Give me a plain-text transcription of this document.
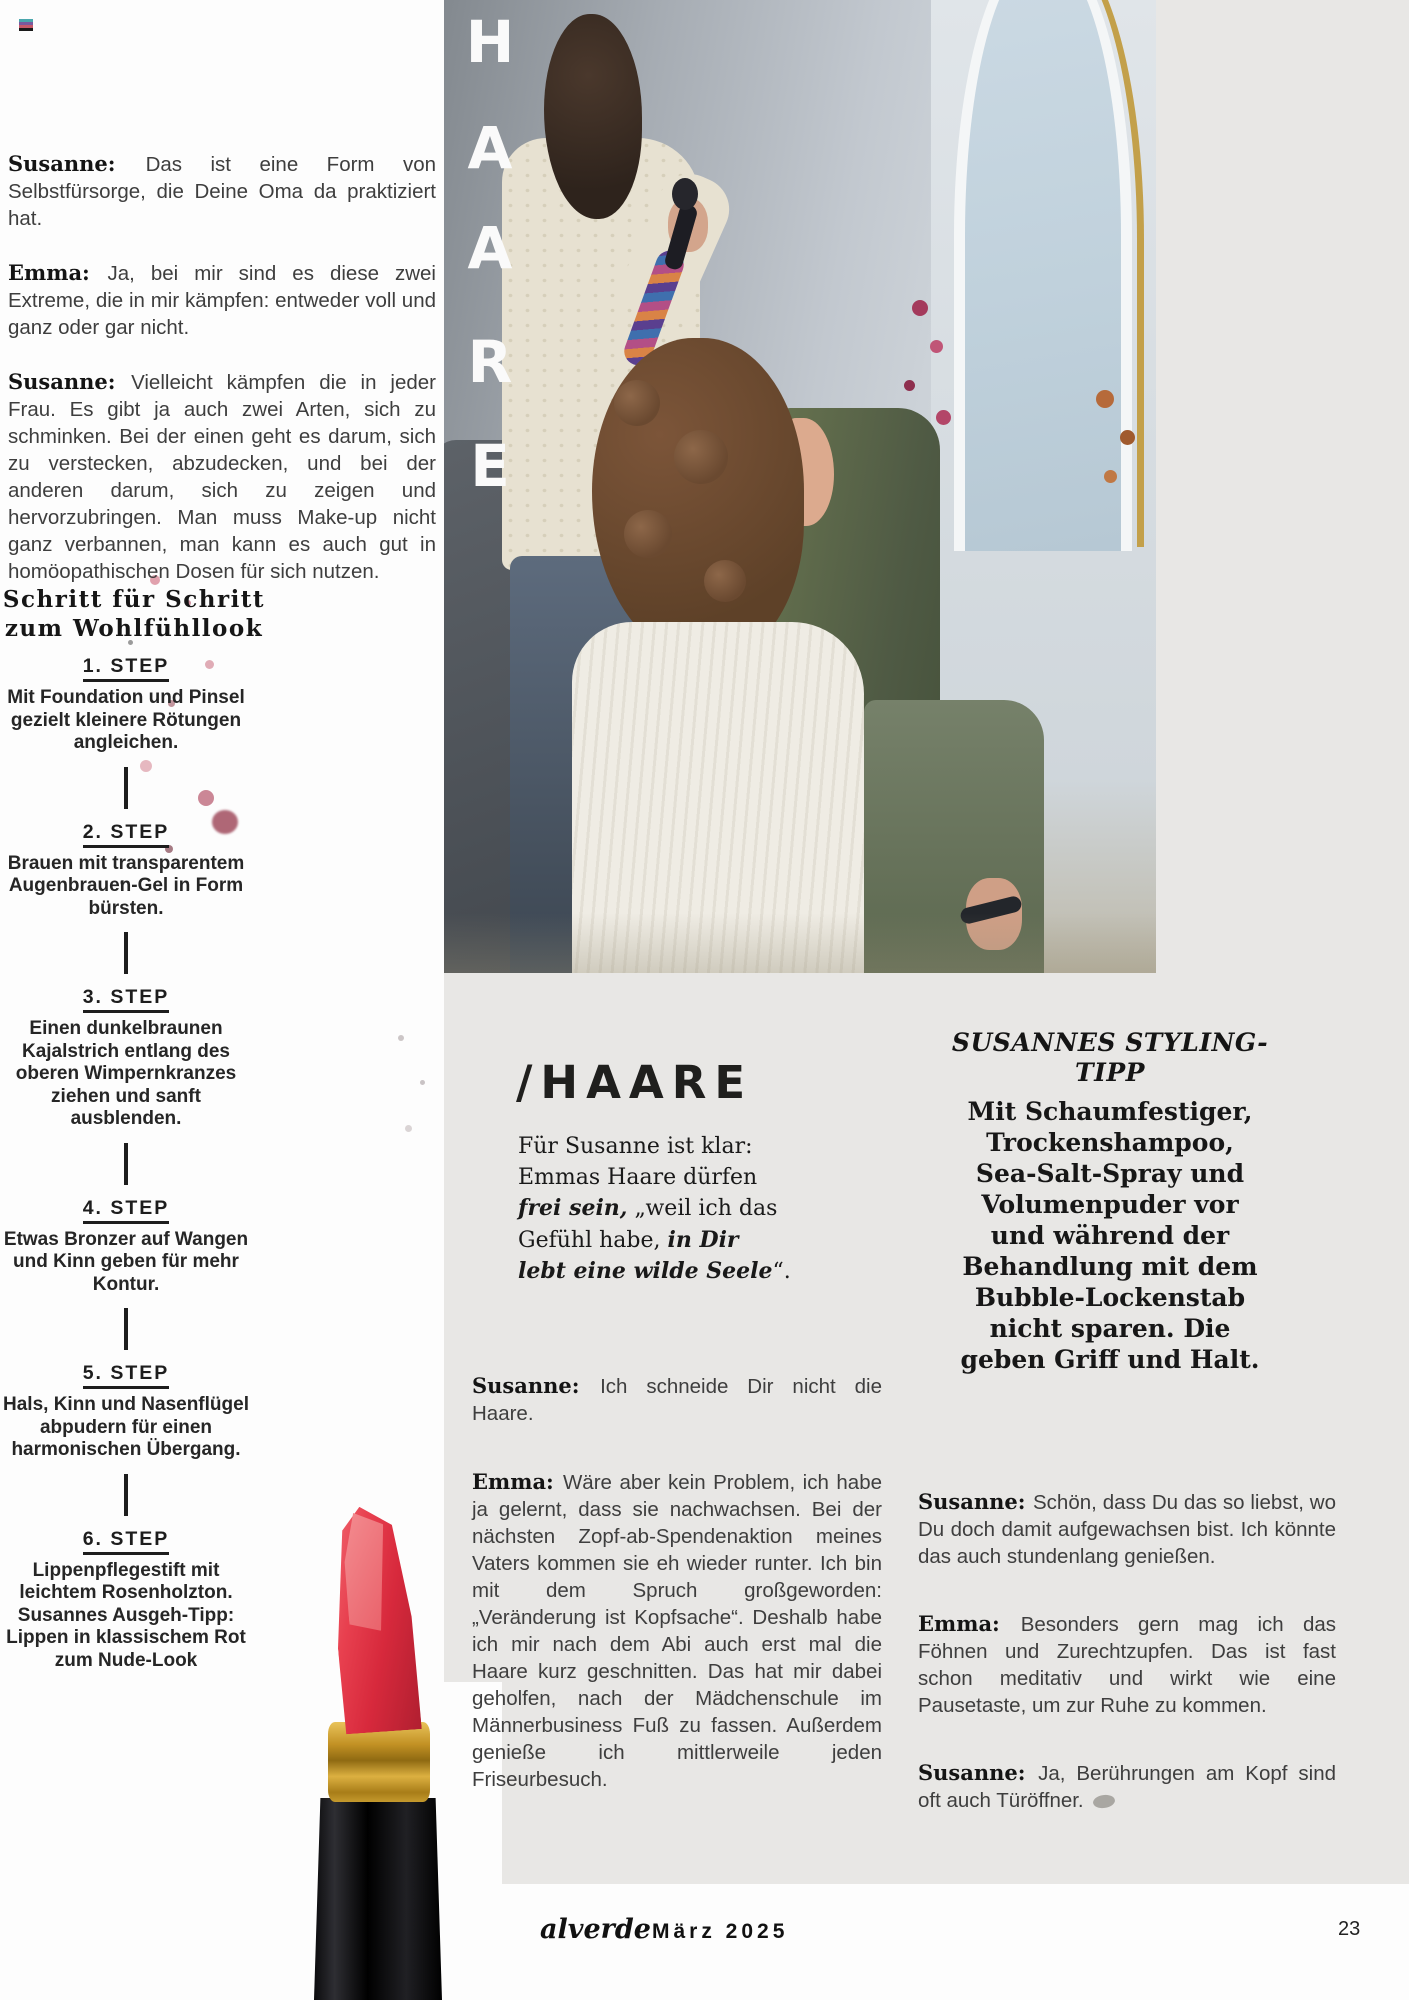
H
A
A
R
E

Susanne: Das ist eine Form von Selbstfürsorge, die Deine Oma da praktiziert hat.

Emma: Ja, bei mir sind es diese zwei Extreme, die in mir kämpfen: entweder voll und ganz oder gar nicht.

Susanne: Vielleicht kämpfen die in jeder Frau. Es gibt ja auch zwei Arten, sich zu schminken. Bei der einen geht es darum, sich zu verstecken, abzudecken, und bei der anderen darum, sich zu zeigen und hervorzubringen. Man muss Make-up nicht ganz verbannen, man kann es auch gut in homöopathischen Dosen für sich nutzen.

Schritt für Schritt zum Wohlfühllook
1. STEP
Mit Foundation und Pinsel gezielt kleinere Rötungen angleichen.
2. STEP
Brauen mit transparentem Augenbrauen-Gel in Form bürsten.
3. STEP
Einen dunkelbraunen Kajalstrich entlang des oberen Wimpernkranzes ziehen und sanft ausblenden.
4. STEP
Etwas Bronzer auf Wangen und Kinn geben für mehr Kontur.
5. STEP
Hals, Kinn und Nasenflügel abpudern für einen harmonischen Übergang.
6. STEP
Lippenpflegestift mit leichtem Rosenholzton. Susannes Ausgeh-Tipp: Lippen in klassischem Rot zum Nude-Look
/HAARE
Für Susanne ist klar:
Emmas Haare dürfen
frei sein, „weil ich das
Gefühl habe, in Dir
lebt eine wilde Seele“.

Susanne: Ich schneide Dir nicht die Haare.

Emma: Wäre aber kein Problem, ich habe ja gelernt, dass sie nachwachsen. Bei der nächsten Zopf-ab-Spendenaktion meines Vaters kommen sie eh wieder runter. Ich bin mit dem Spruch großgeworden: „Veränderung ist Kopfsache“. Deshalb habe ich mir nach dem Abi auch erst mal die Haare kurz geschnitten. Das hat mir dabei geholfen, nach der Mädchenschule im Männerbusiness Fuß zu fassen. Außerdem genieße ich mittlerweile jeden Friseurbesuch.

SUSANNES STYLING-TIPP
Mit Schaumfestiger, Trockenshampoo, Sea-Salt-Spray und Volumenpuder vor und während der Behandlung mit dem Bubble-Lockenstab nicht sparen. Die geben Griff und Halt.

Susanne: Schön, dass Du das so liebst, wo Du doch damit aufgewachsen bist. Ich könnte das auch stundenlang genießen.

Emma: Besonders gern mag ich das Föhnen und Zurechtzupfen. Das ist fast schon meditativ und wirkt wie eine Pausetaste, um zur Ruhe zu kommen.

Susanne: Ja, Berührungen am Kopf sind oft auch Türöffner.

alverde März 2025	23
